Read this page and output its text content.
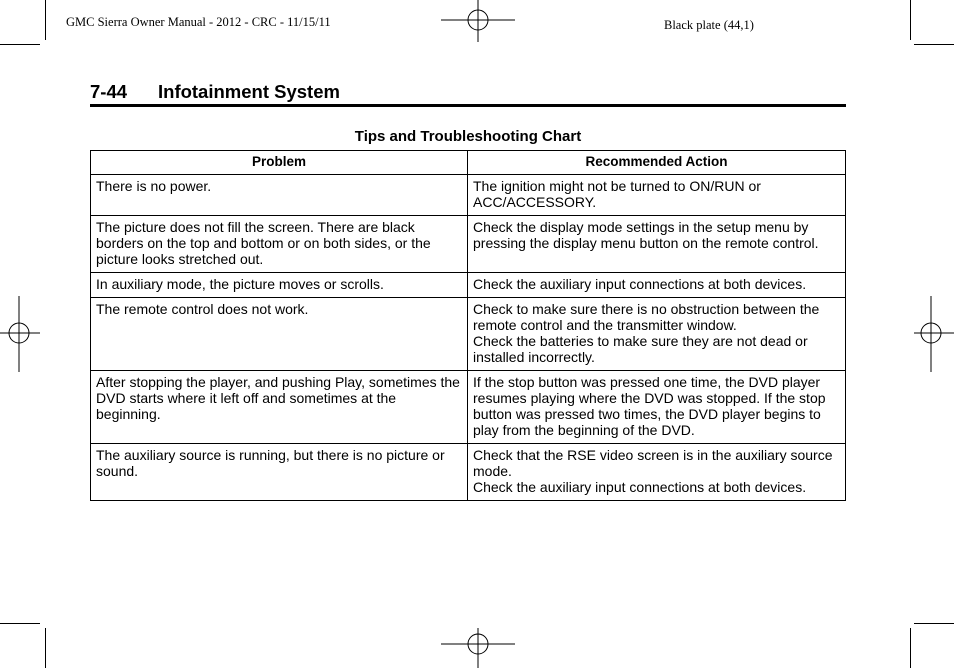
GMC Sierra Owner Manual - 2012 - CRC - 11/15/11	Black plate (44,1)
7-44 Infotainment System
Tips and Troubleshooting Chart
Problem	Recommended Action
There is no power.	The ignition might not be turned to ON/RUN or ACC/ACCESSORY.

The picture does not fill the screen. There are black borders on the top and bottom or on both sides, or the picture looks stretched out.	Check the display mode settings in the setup menu by pressing the display menu button on the remote control.

In auxiliary mode, the picture moves or scrolls.	Check the auxiliary input connections at both devices.

The remote control does not work.	Check to make sure there is no obstruction between the remote control and the transmitter window.
Check the batteries to make sure they are not dead or installed incorrectly.

After stopping the player, and pushing Play, sometimes the DVD starts where it left off and sometimes at the beginning.	If the stop button was pressed one time, the DVD player resumes playing where the DVD was stopped. If the stop button was pressed two times, the DVD player begins to play from the beginning of the DVD.

The auxiliary source is running, but there is no picture or sound.	Check that the RSE video screen is in the auxiliary source mode.
Check the auxiliary input connections at both devices.
